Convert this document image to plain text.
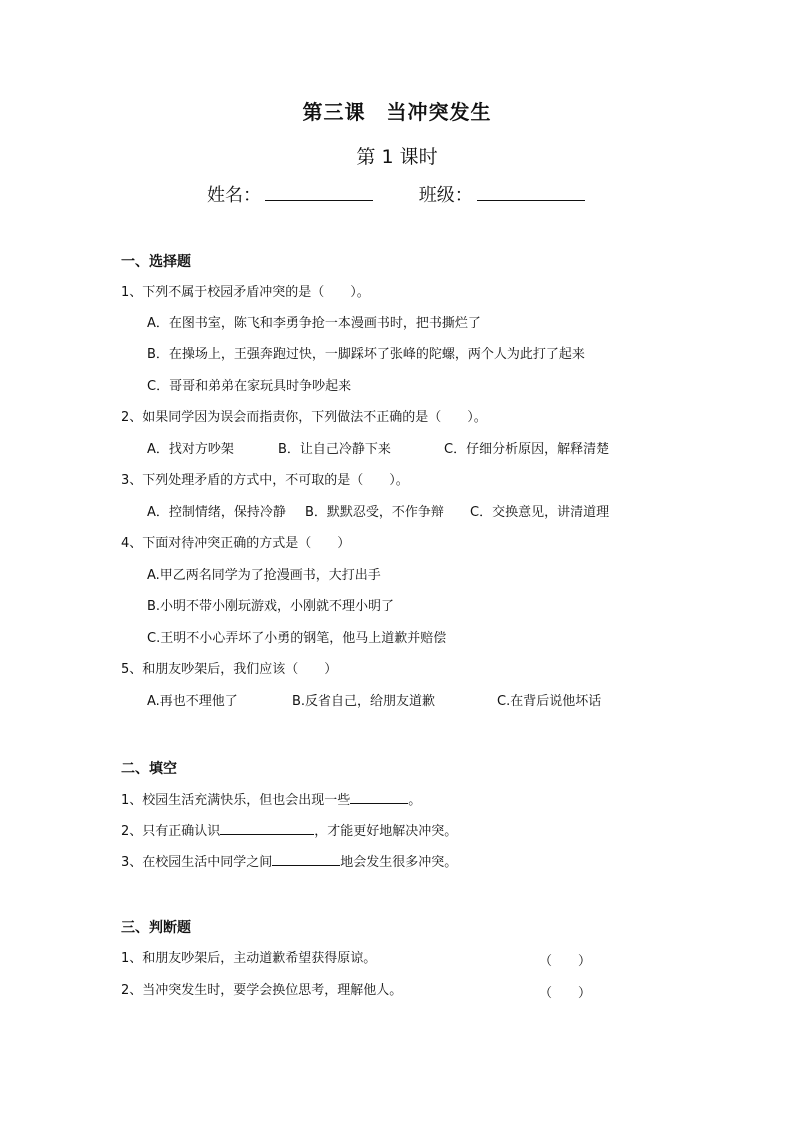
第三课　当冲突发生
第 1 课时
姓名：	班级：
一、选择题
1、下列不属于校园矛盾冲突的是（　　）。
A．在图书室，陈飞和李勇争抢一本漫画书时，把书撕烂了
B．在操场上，王强奔跑过快，一脚踩坏了张峰的陀螺，两个人为此打了起来
C．哥哥和弟弟在家玩具时争吵起来
2、如果同学因为误会而指责你，下列做法不正确的是（　　）。
A．找对方吵架	B．让自己冷静下来	C．仔细分析原因，解释清楚
3、下列处理矛盾的方式中，不可取的是（　　）。
A．控制情绪，保持冷静 B．默默忍受，不作争辩 C．交换意见，讲清道理
4、下面对待冲突正确的方式是（　　）
A.甲乙两名同学为了抢漫画书，大打出手
B.小明不带小刚玩游戏，小刚就不理小明了
C.王明不小心弄坏了小勇的钢笔，他马上道歉并赔偿
5、和朋友吵架后，我们应该（　　）
A.再也不理他了	B.反省自己，给朋友道歉	C.在背后说他坏话
二、填空
1、校园生活充满快乐，但也会出现一些	。
2、只有正确认识	，才能更好地解决冲突。
3、在校园生活中同学之间	地会发生很多冲突。
三、判断题
1、和朋友吵架后，主动道歉希望获得原谅。	（　　）
2、当冲突发生时，要学会换位思考，理解他人。	（　　）
